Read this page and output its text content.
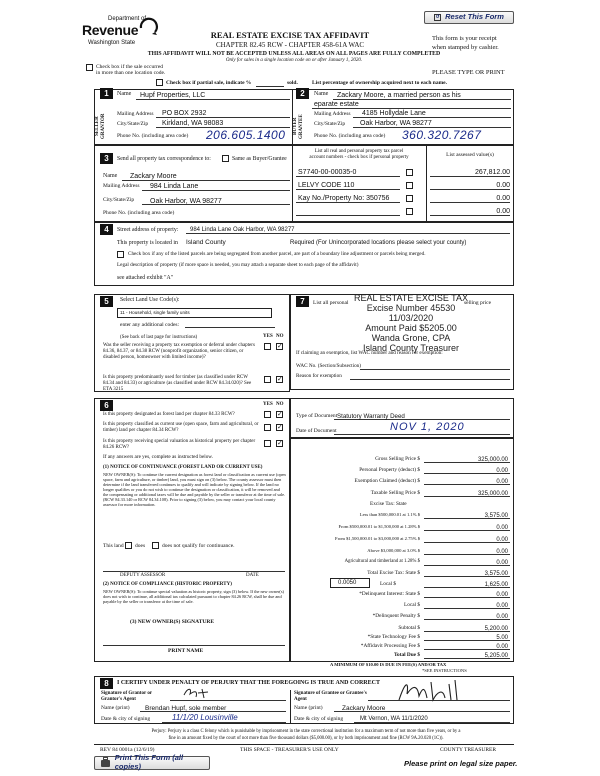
↺ Reset This Form
Department of
Revenue
Washington State
REAL ESTATE EXCISE TAX AFFIDAVIT
CHAPTER 82.45 RCW - CHAPTER 458-61A WAC
THIS AFFIDAVIT WILL NOT BE ACCEPTED UNLESS ALL AREAS ON ALL PAGES ARE FULLY COMPLETED
Only for sales in a single location code on or after January 1, 2020.
This form is your receipt
when stamped by cashier.
PLEASE TYPE OR PRINT
Check box if the sale occurred
in more than one location code.
Check box if partial sale, indicate %	sold.	List percentage of ownership acquired next to each name.
1	2
SELLER GRANTOR
Name Hupf Properties, LLC
Mailing Address PO BOX 2932
City/State/Zip Kirkland, WA 98083
Phone No. (including area code) 206.605.1400 BUYER GRANTEE
Name Zackary Moore, a married person as his
eparate estate
Mailing Address 4185 Hollydale Lane
City/State/Zip Oak Harbor, WA 98277
Phone No. (including area code) 360.320.7267
3	Send all property tax correspondence to:	Same as Buyer/Grantee
Name Zackary Moore
Mailing Address 984 Linda Lane
City/State/Zip Oak Harbor, WA 98277
Phone No. (including area code)
List all real and personal property tax parcel
account numbers - check box if personal property	List assessed value(s)
S7740-00-00035-0	267,812.00
LELVY CODE 110	0.00
Kay No./Property No: 350756	0.00
0.00
4	Street address of property: 984 Linda Lane Oak Harbor, WA 98277
This property is located in Island County	Required (For Unincorporated locations please select your county)
Check box if any of the listed parcels are being segregated from another parcel, are part of a boundary line adjustment or parcels being merged.
Legal description of property (if more space is needed, you may attach a separate sheet to each page of the affidavit)
see attached exhibit "A"
5	Select Land Use Code(s):
11 - Household, single family units
enter any additional codes:
(See back of last page for instructions)	YES NO
Was the seller receiving a property tax exemption or deferral under chapters 84.36, 84.37, or 84.38 RCW (nonprofit organization, senior citizen, or disabled person, homeowner with limited income)?
✓
Is this property predominantly used for timber (as classified under RCW 84.34 and 84.33) or agriculture (as classified under RCW 84.34.020)? See ETA 3215
✓
6	YES NO
Is this property designated as forest land per chapter 84.33 RCW?	✓
Is this property classified as current use (open space, farm and agricultural, or timber) land per chapter 84.34 RCW?	✓
Is this property receiving special valuation as historical property per chapter 84.26 RCW?
✓
If any answers are yes, complete as instructed below.
(1) NOTICE OF CONTINUANCE (FOREST LAND OR CURRENT USE)
NEW OWNER(S): To continue the current designation as forest land or classification as current use (open space, farm and agriculture, or timber) land, you must sign on (3) below. The county assessor must then determine if the land transferred continues to qualify and will indicate by signing below. If the land no longer qualifies or you do not wish to continue the designation or classification, it will be removed and the compensating or additional taxes will be due and payable by the seller or transferor at the time of sale. (RCW 84.33.140 or RCW 84.34.108). Prior to signing (3) below, you may contact your local county assessor for more information.
This land does	does not qualify for continuance.
DEPUTY ASSESSOR	DATE
(2) NOTICE OF COMPLIANCE (HISTORIC PROPERTY)
NEW OWNER(S): To continue special valuation as historic property, sign (3) below. If the new owner(s) does not wish to continue, all additional tax calculated pursuant to chapter 84.26 RCW, shall be due and payable by the seller or transferor at the time of sale.
(3) NEW OWNER(S) SIGNATURE
PRINT NAME
7	List all personal	selling price
REAL ESTATE EXCISE TAX
Excise Number 45530
11/03/2020
Amount Paid $5205.00
Wanda Grone, CPA
Island County Treasurer
If claiming an exemption, list WAC number and reason for exemption:
WAC No. (Section/Subsection)
Reason for exemption
Type of Document Statutory Warranty Deed
Date of Document	NOV 1, 2020
Gross Selling Price $	325,000.00
Personal Property (deduct) $	0.00
Exemption Claimed (deduct) $	0.00
Taxable Selling Price $	325,000.00
Excise Tax: State
Less than $500,000.01 at 1.1% $	3,575.00
From $500,000.01 to $1,500,000 at 1.28% $	0.00
From $1,500,000.01 to $3,000,000 at 2.75% $	0.00
Above $3,000,000 at 3.0% $	0.00
Agricultural and timberland at 1.28% $	0.00
Total Excise Tax: State $	3,575.00
0.0050	Local $	1,625.00
*Delinquent Interest: State $	0.00
Local $	0.00
*Delinquent Penalty $	0.00
Subtotal $	5,200.00
*State Technology Fee $	5.00
*Affidavit Processing Fee $	0.00
Total Due $	5,205.00
A MINIMUM OF $10.00 IS DUE IN FEE(S) AND/OR TAX
*SEE INSTRUCTIONS
8	I CERTIFY UNDER PENALTY OF PERJURY THAT THE FOREGOING IS TRUE AND CORRECT
Signature of Grantor or Grantor's Agent
Signature of Grantee or Grantee's Agent
Name (print) Brendan Hupf, sole member	Name (print)	Zackary Moore
Date & city of signing	11/1/20 Lousinville	Date & city of signing	Mt Vernon, WA 11/1/2020
Perjury: Perjury is a class C felony which is punishable by imprisonment in the state correctional institution for a maximum term of not more than five years, or by a
fine in an amount fixed by the court of not more than five thousand dollars ($5,000.00), or by both imprisonment and fine (RCW 9A.20.020 (1C)).
REV 84 0001a (12/6/19)	THIS SPACE - TREASURER'S USE ONLY	COUNTY TREASURER
Print This Form (all copies)	Please print on legal size paper.
